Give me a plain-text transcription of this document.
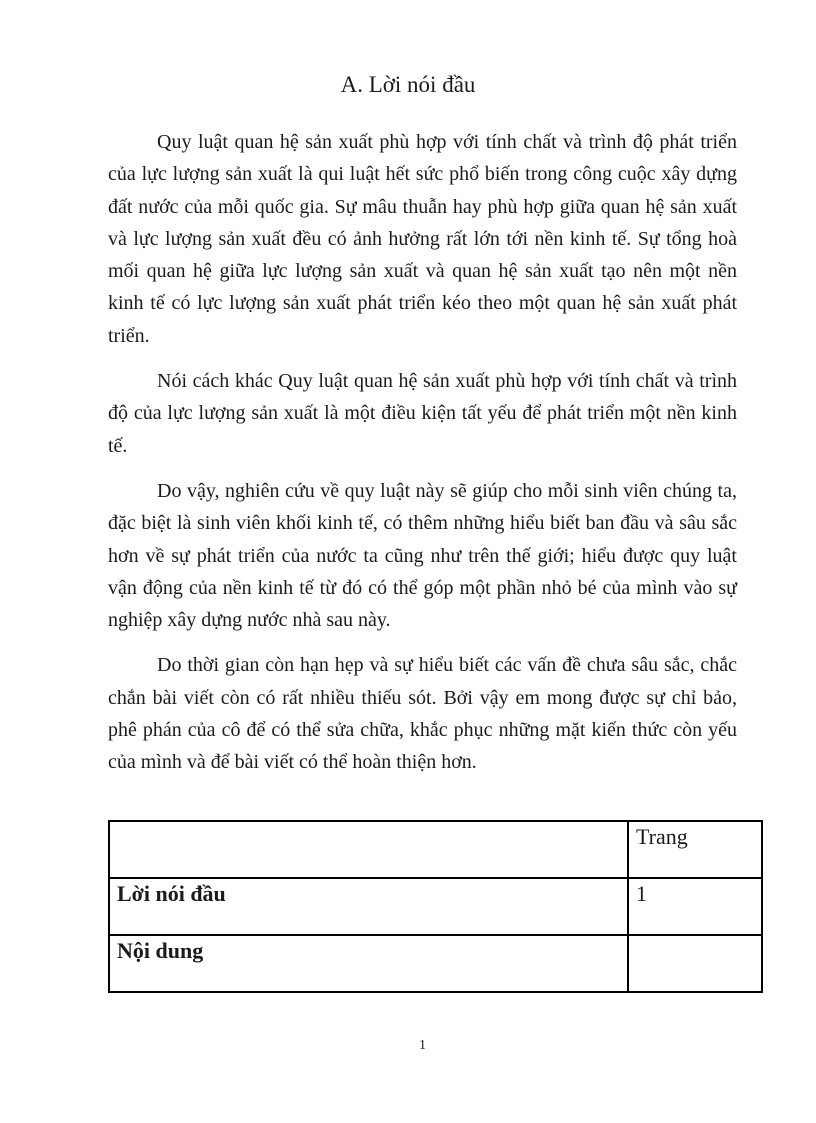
A. Lời nói đầu

Quy luật quan hệ sản xuất phù hợp với tính chất và trình độ phát triển của lực lượng sản xuất là qui luật hết sức phổ biến trong công cuộc xây dựng đất nước của mỗi quốc gia. Sự mâu thuẫn hay phù hợp giữa quan hệ sản xuất và lực lượng sản xuất đều có ảnh hưởng rất lớn tới nền kinh tế. Sự tổng hoà mối quan hệ giữa lực lượng sản xuất và quan hệ sản xuất tạo nên một nền kinh tế có lực lượng sản xuất phát triển kéo theo một quan hệ sản xuất phát triển.

Nói cách khác Quy luật quan hệ sản xuất phù hợp với tính chất và trình độ của lực lượng sản xuất là một điều kiện tất yếu để phát triển một nền kinh tế.

Do vậy, nghiên cứu về quy luật này sẽ giúp cho mỗi sinh viên chúng ta, đặc biệt là sinh viên khối kinh tế, có thêm những hiểu biết ban đầu và sâu sắc hơn về sự phát triển của nước ta cũng như trên thế giới; hiểu được quy luật vận động của nền kinh tế từ đó có thể góp một phần nhỏ bé của mình vào sự nghiệp xây dựng nước nhà sau này.

Do thời gian còn hạn hẹp và sự hiểu biết các vấn đề chưa sâu sắc, chắc chắn bài viết còn có rất nhiều thiếu sót. Bởi vậy em mong được sự chỉ bảo, phê phán của cô để có thể sửa chữa, khắc phục những mặt kiến thức còn yếu của mình và để bài viết có thể hoàn thiện hơn.

	Trang
Lời nói đầu	1
Nội dung	
1
